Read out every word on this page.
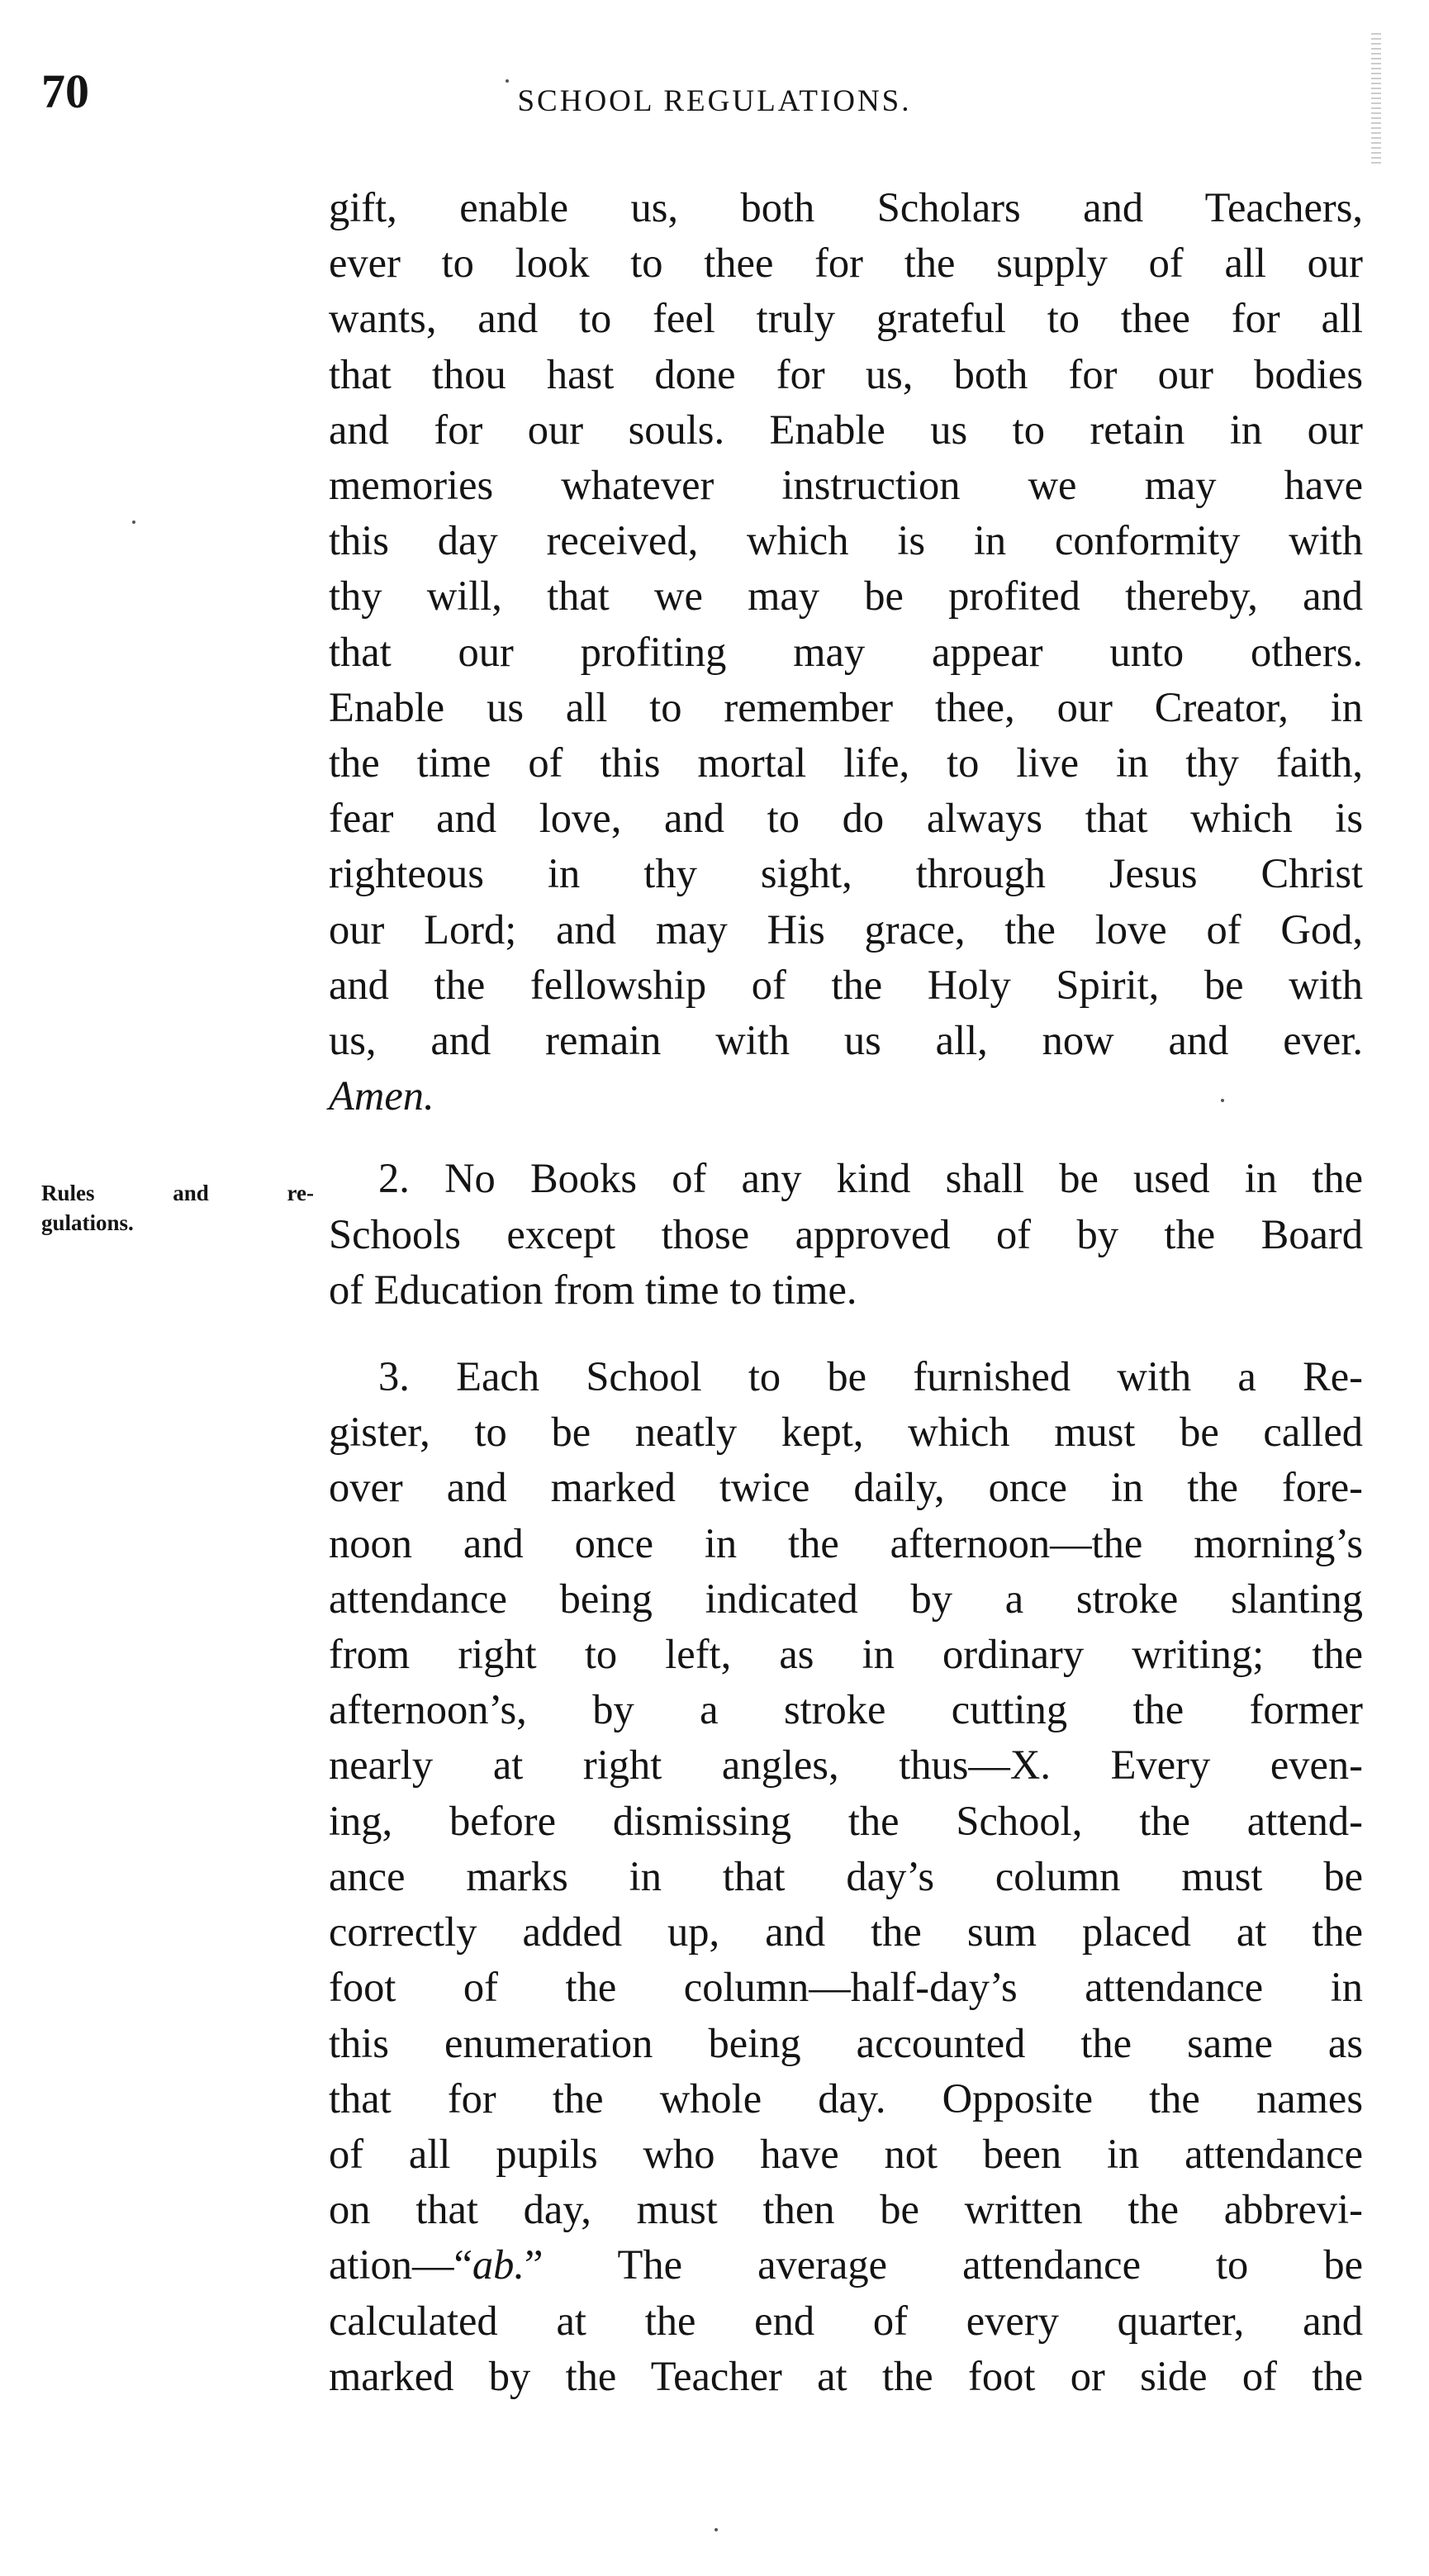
70	SCHOOL REGULATIONS.
Rules and re-
gulations.
gift, enable us, both Scholars and Teachers,
ever to look to thee for the supply of all our
wants, and to feel truly grateful to thee for all
that thou hast done for us, both for our bodies
and for our souls. Enable us to retain in our
memories whatever instruction we may have
this day received, which is in conformity with
thy will, that we may be profited thereby, and
that our profiting may appear unto others.
Enable us all to remember thee, our Creator, in
the time of this mortal life, to live in thy faith,
fear and love, and to do always that which is
righteous in thy sight, through Jesus Christ
our Lord; and may His grace, the love of God,
and the fellowship of the Holy Spirit, be with
us, and remain with us all, now and ever.
Amen.
2. No Books of any kind shall be used in the
Schools except those approved of by the Board
of Education from time to time.
3. Each School to be furnished with a Re-
gister, to be neatly kept, which must be called
over and marked twice daily, once in the fore-
noon and once in the afternoon—the morning’s
attendance being indicated by a stroke slanting
from right to left, as in ordinary writing; the
afternoon’s, by a stroke cutting the former
nearly at right angles, thus—X. Every even-
ing, before dismissing the School, the attend-
ance marks in that day’s column must be
correctly added up, and the sum placed at the
foot of the column—half-day’s attendance in
this enumeration being accounted the same as
that for the whole day. Opposite the names
of all pupils who have not been in attendance
on that day, must then be written the abbrevi-
ation—“ab.” The average attendance to be
calculated at the end of every quarter, and
marked by the Teacher at the foot or side of the
